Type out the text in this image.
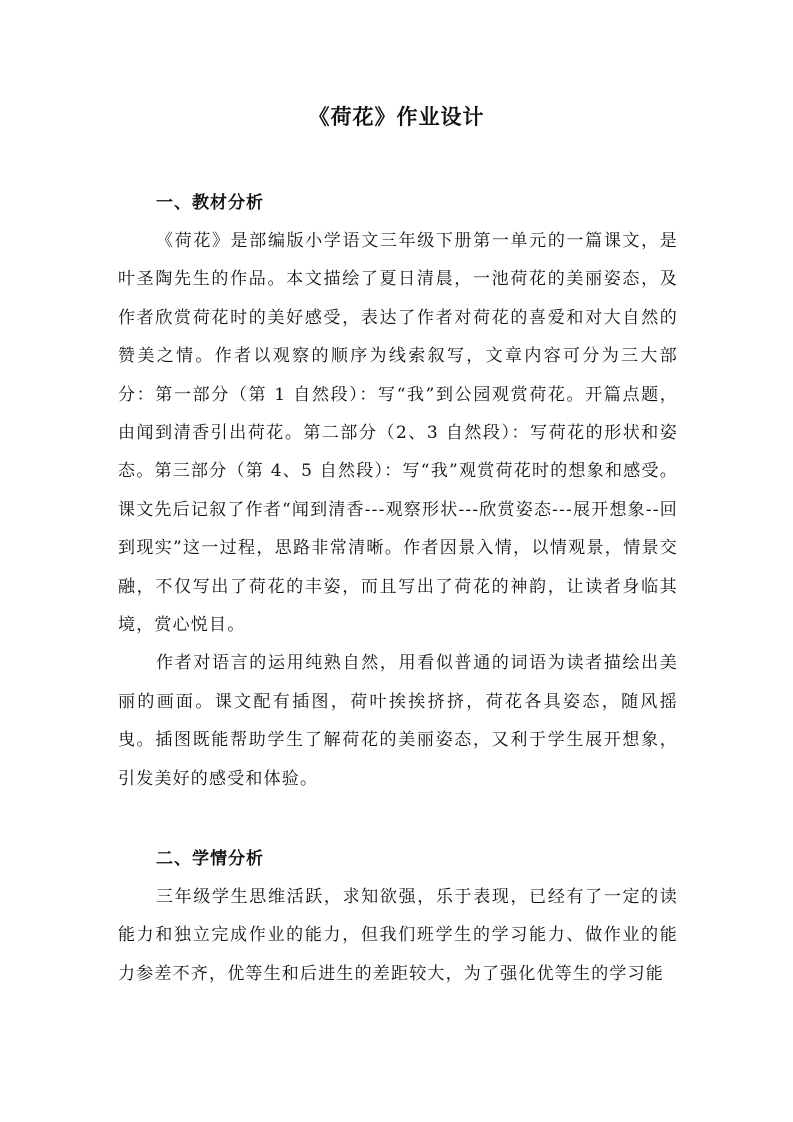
《荷花》作业设计

一、教材分析

《荷花》是部编版小学语文三年级下册第一单元的一篇课文，是叶圣陶先生的作品。本文描绘了夏日清晨，一池荷花的美丽姿态，及作者欣赏荷花时的美好感受，表达了作者对荷花的喜爱和对大自然的赞美之情。作者以观察的顺序为线索叙写，文章内容可分为三大部分：第一部分（第 1 自然段）：写“我”到公园观赏荷花。开篇点题，由闻到清香引出荷花。第二部分（2、3 自然段）：写荷花的形状和姿态。第三部分（第 4、5 自然段）：写“我”观赏荷花时的想象和感受。课文先后记叙了作者“闻到清香---观察形状---欣赏姿态---展开想象--回到现实”这一过程，思路非常清晰。作者因景入情，以情观景，情景交融，不仅写出了荷花的丰姿，而且写出了荷花的神韵，让读者身临其境，赏心悦目。

作者对语言的运用纯熟自然，用看似普通的词语为读者描绘出美丽的画面。课文配有插图，荷叶挨挨挤挤，荷花各具姿态，随风摇曳。插图既能帮助学生了解荷花的美丽姿态，又利于学生展开想象，引发美好的感受和体验。

二、学情分析

三年级学生思维活跃，求知欲强，乐于表现，已经有了一定的读能力和独立完成作业的能力，但我们班学生的学习能力、做作业的能力参差不齐，优等生和后进生的差距较大，为了强化优等生的学习能
